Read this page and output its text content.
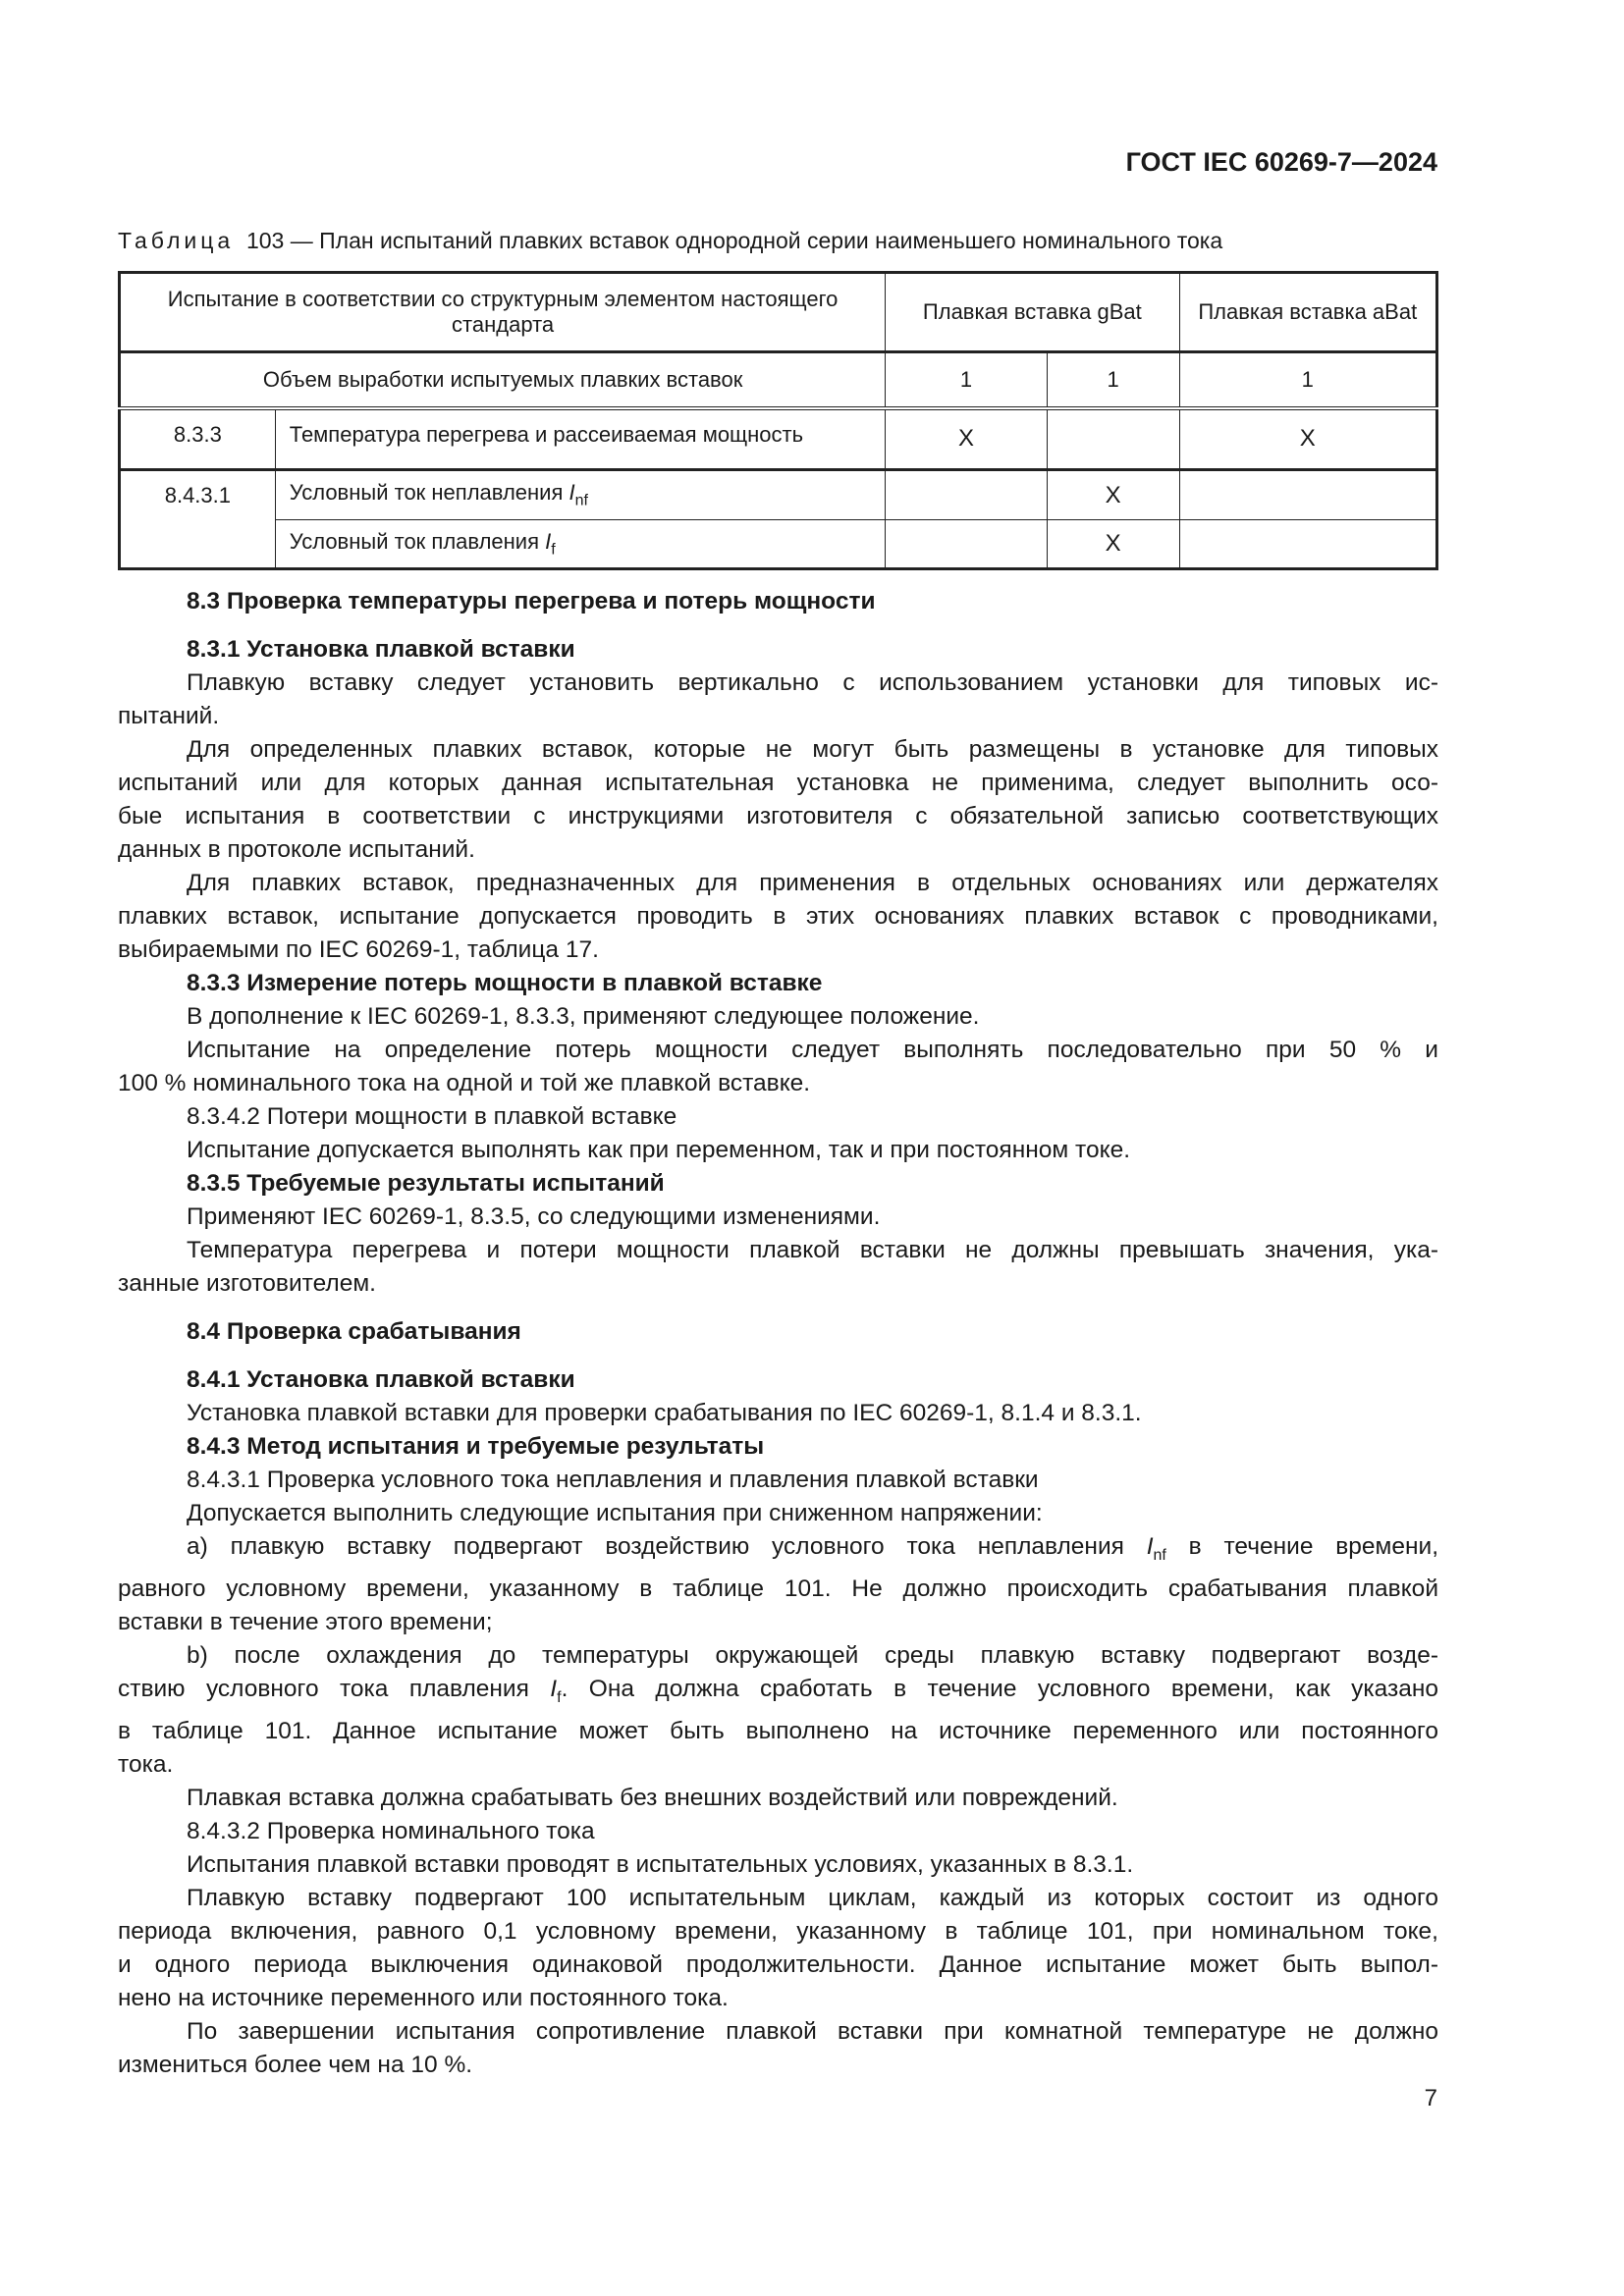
ГОСТ IEC 60269-7—2024
Таблица 103 — План испытаний плавких вставок однородной серии наименьшего номинального тока
Испытание в соответствии со структурным элементом настоящего стандарта		Плавкая вставка gBat		Плавкая вставка aBat
Объем выработки испытуемых плавких вставок		1	1	1
8.3.3	Температура перегрева и рассеиваемая мощность	X		X
8.4.3.1	Условный ток неплавления $I_{nf}$		X	
	Условный ток плавления $I_f$		X	
8.3 Проверка температуры перегрева и потерь мощности
8.3.1 Установка плавкой вставки
Плавкую вставку следует установить вертикально с использованием установки для типовых ис-
пытаний.
Для определенных плавких вставок, которые не могут быть размещены в установке для типовых
испытаний или для которых данная испытательная установка не применима, следует выполнить осо-
бые испытания в соответствии с инструкциями изготовителя с обязательной записью соответствующих
данных в протоколе испытаний.
Для плавких вставок, предназначенных для применения в отдельных основаниях или держателях
плавких вставок, испытание допускается проводить в этих основаниях плавких вставок с проводниками,
выбираемыми по IEC 60269-1, таблица 17.
8.3.3 Измерение потерь мощности в плавкой вставке
В дополнение к IEC 60269-1, 8.3.3, применяют следующее положение.
Испытание на определение потерь мощности следует выполнять последовательно при 50 % и
100 % номинального тока на одной и той же плавкой вставке.
8.3.4.2 Потери мощности в плавкой вставке
Испытание допускается выполнять как при переменном, так и при постоянном токе.
8.3.5 Требуемые результаты испытаний
Применяют IEC 60269-1, 8.3.5, со следующими изменениями.
Температура перегрева и потери мощности плавкой вставки не должны превышать значения, ука-
занные изготовителем.
8.4 Проверка срабатывания
8.4.1 Установка плавкой вставки
Установка плавкой вставки для проверки срабатывания по IEC 60269-1, 8.1.4 и 8.3.1.
8.4.3 Метод испытания и требуемые результаты
8.4.3.1 Проверка условного тока неплавления и плавления плавкой вставки
Допускается выполнить следующие испытания при сниженном напряжении:
а) плавкую вставку подвергают воздействию условного тока неплавления $I_{nf}$ в течение времени,
равного условному времени, указанному в таблице 101. Не должно происходить срабатывания плавкой
вставки в течение этого времени;
b) после охлаждения до температуры окружающей среды плавкую вставку подвергают возде-
ствию условного тока плавления $I_f$. Она должна сработать в течение условного времени, как указано
в таблице 101. Данное испытание может быть выполнено на источнике переменного или постоянного
тока.
Плавкая вставка должна срабатывать без внешних воздействий или повреждений.
8.4.3.2 Проверка номинального тока
Испытания плавкой вставки проводят в испытательных условиях, указанных в 8.3.1.
Плавкую вставку подвергают 100 испытательным циклам, каждый из которых состоит из одного
периода включения, равного 0,1 условному времени, указанному в таблице 101, при номинальном токе,
и одного периода выключения одинаковой продолжительности. Данное испытание может быть выпол-
нено на источнике переменного или постоянного тока.
По завершении испытания сопротивление плавкой вставки при комнатной температуре не должно
измениться более чем на 10 %.
7
